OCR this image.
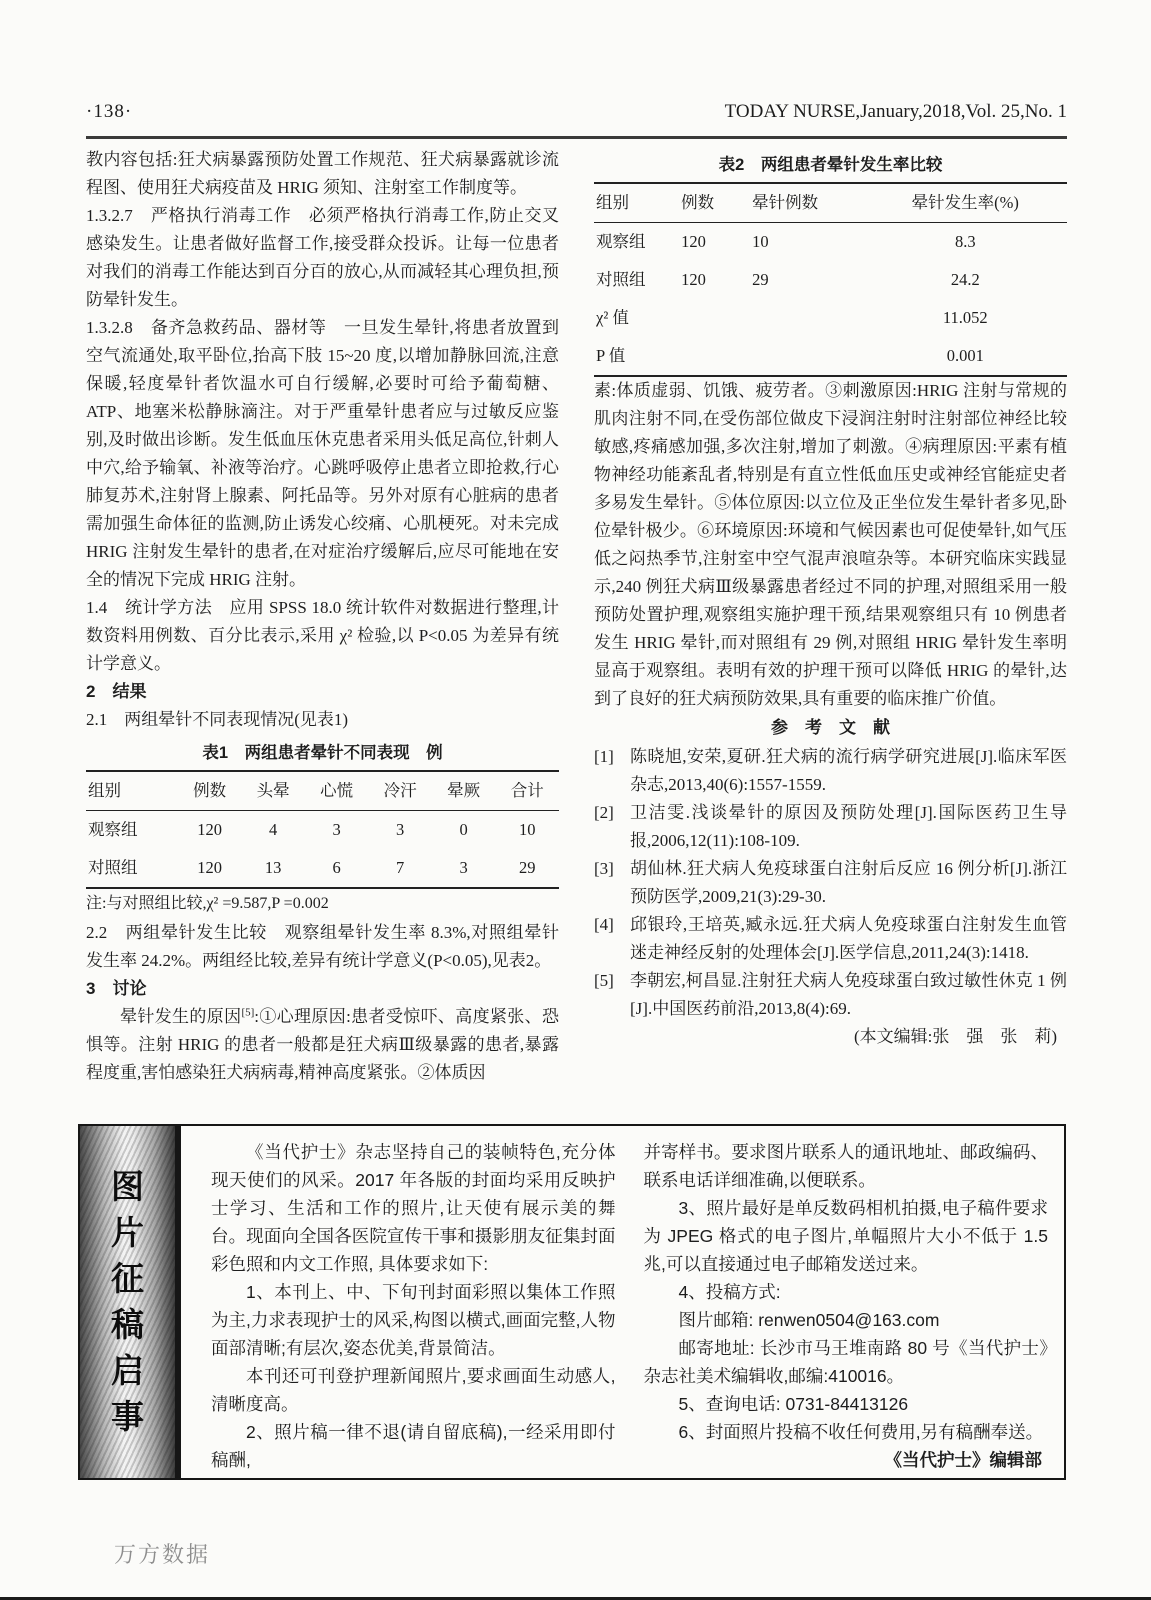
·138·	TODAY NURSE,January,2018,Vol. 25,No. 1

教内容包括:狂犬病暴露预防处置工作规范、狂犬病暴露就诊流程图、使用狂犬病疫苗及 HRIG 须知、注射室工作制度等。

1.3.2.7　严格执行消毒工作　必须严格执行消毒工作,防止交叉感染发生。让患者做好监督工作,接受群众投诉。让每一位患者对我们的消毒工作能达到百分百的放心,从而减轻其心理负担,预防晕针发生。

1.3.2.8　备齐急救药品、器材等　一旦发生晕针,将患者放置到空气流通处,取平卧位,抬高下肢 15~20 度,以增加静脉回流,注意保暖,轻度晕针者饮温水可自行缓解,必要时可给予葡萄糖、ATP、地塞米松静脉滴注。对于严重晕针患者应与过敏反应鉴别,及时做出诊断。发生低血压休克患者采用头低足高位,针刺人中穴,给予输氧、补液等治疗。心跳呼吸停止患者立即抢救,行心肺复苏术,注射肾上腺素、阿托品等。另外对原有心脏病的患者需加强生命体征的监测,防止诱发心绞痛、心肌梗死。对未完成 HRIG 注射发生晕针的患者,在对症治疗缓解后,应尽可能地在安全的情况下完成 HRIG 注射。

1.4　统计学方法　应用 SPSS 18.0 统计软件对数据进行整理,计数资料用例数、百分比表示,采用 χ² 检验,以 P<0.05 为差异有统计学意义。

2　结果

2.1　两组晕针不同表现情况(见表1)

表1　两组患者晕针不同表现　例
组别	例数	头晕	心慌	冷汗	晕厥	合计
观察组	120	4	3	3	0	10
对照组	120	13	6	7	3	29
注:与对照组比较,χ² =9.587,P =0.002

2.2　两组晕针发生比较　观察组晕针发生率 8.3%,对照组晕针发生率 24.2%。两组经比较,差异有统计学意义(P<0.05),见表2。

3　讨论

晕针发生的原因[5]:①心理原因:患者受惊吓、高度紧张、恐惧等。注射 HRIG 的患者一般都是狂犬病Ⅲ级暴露的患者,暴露程度重,害怕感染狂犬病病毒,精神高度紧张。②体质因

表2　两组患者晕针发生率比较
组别	例数	晕针例数	晕针发生率(%)
观察组	120	10	8.3
对照组	120	29	24.2
χ² 值			11.052
P 值			0.001

素:体质虚弱、饥饿、疲劳者。③刺激原因:HRIG 注射与常规的肌肉注射不同,在受伤部位做皮下浸润注射时注射部位神经比较敏感,疼痛感加强,多次注射,增加了刺激。④病理原因:平素有植物神经功能紊乱者,特别是有直立性低血压史或神经官能症史者多易发生晕针。⑤体位原因:以立位及正坐位发生晕针者多见,卧位晕针极少。⑥环境原因:环境和气候因素也可促使晕针,如气压低之闷热季节,注射室中空气混声浪喧杂等。本研究临床实践显示,240 例狂犬病Ⅲ级暴露患者经过不同的护理,对照组采用一般预防处置护理,观察组实施护理干预,结果观察组只有 10 例患者发生 HRIG 晕针,而对照组有 29 例,对照组 HRIG 晕针发生率明显高于观察组。表明有效的护理干预可以降低 HRIG 的晕针,达到了良好的狂犬病预防效果,具有重要的临床推广价值。

参　考　文　献

[1] 陈晓旭,安荣,夏研.狂犬病的流行病学研究进展[J].临床军医杂志,2013,40(6):1557-1559.

[2] 卫洁雯.浅谈晕针的原因及预防处理[J].国际医药卫生导报,2006,12(11):108-109.

[3] 胡仙林.狂犬病人免疫球蛋白注射后反应 16 例分析[J].浙江预防医学,2009,21(3):29-30.

[4] 邱银玲,王培英,臧永远.狂犬病人免疫球蛋白注射发生血管迷走神经反射的处理体会[J].医学信息,2011,24(3):1418.

[5] 李朝宏,柯昌显.注射狂犬病人免疫球蛋白致过敏性休克 1 例[J].中国医药前沿,2013,8(4):69.

(本文编辑:张　强　张　莉)

图
片
征
稿
启
事

《当代护士》杂志坚持自己的装帧特色,充分体现天使们的风采。2017 年各版的封面均采用反映护士学习、生活和工作的照片,让天使有展示美的舞台。现面向全国各医院宣传干事和摄影朋友征集封面彩色照和内文工作照, 具体要求如下:

1、本刊上、中、下旬刊封面彩照以集体工作照为主,力求表现护士的风采,构图以横式,画面完整,人物面部清晰;有层次,姿态优美,背景简洁。

本刊还可刊登护理新闻照片,要求画面生动感人,清晰度高。

2、照片稿一律不退(请自留底稿),一经采用即付稿酬,

并寄样书。要求图片联系人的通讯地址、邮政编码、联系电话详细准确,以便联系。

3、照片最好是单反数码相机拍摄,电子稿件要求为 JPEG 格式的电子图片,单幅照片大小不低于 1.5 兆,可以直接通过电子邮箱发送过来。

4、投稿方式:

图片邮箱: renwen0504@163.com

邮寄地址: 长沙市马王堆南路 80 号《当代护士》杂志社美术编辑收,邮编:410016。

5、查询电话: 0731-84413126

6、封面照片投稿不收任何费用,另有稿酬奉送。

《当代护士》编辑部

万方数据
